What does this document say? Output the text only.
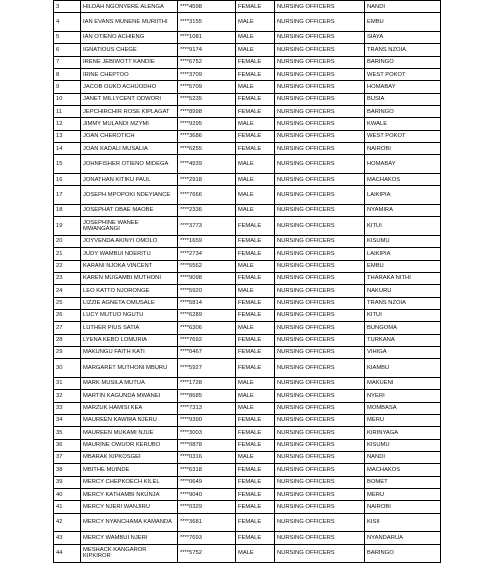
3	HILDAH NGONYERE ALENGA	****4598	FEMALE	NURSING OFFICERS	NANDI
4	IAN EVANS MUNENE MURIITHI	****3155	MALE	NURSING OFFICERS	EMBU
5	IAN OTIENO ACHIENG	****1081	MALE	NURSING OFFICERS	SIAYA
6	IGNATIOUS CHEGE	****9174	MALE	NURSING OFFICERS	TRANS NZOIA
7	IRENE JEBIWOTT KANDIE	****6752	FEMALE	NURSING OFFICERS	BARINGO
8	IRINE CHEPTOO	****3709	FEMALE	NURSING OFFICERS	WEST POKOT
9	JACOB OUKO ACHUODHO	****5709	MALE	NURSING OFFICERS	HOMABAY
10	JANET MILLYCENT ODWORI	****5235	FEMALE	NURSING OFFICERS	BUSIA
11	JEPCHIRCHIR ROSE KIPLAGAT	****8998	FEMALE	NURSING OFFICERS	BARINGO
12	JIMMY MULANDI MZYMI	****9295	MALE	NURSING OFFICERS	KWALE
13	JOAN CHEROTICH	****3686	FEMALE	NURSING OFFICERS	WEST POKOT
14	JOAN KADALI MUSALIA	****6255	FEMALE	NURSING OFFICERS	NAIROBI
15	JOHNFISHER OTIENO MIDEGA	****4939	MALE	NURSING OFFICERS	HOMABAY
16	JONATHAN KITIKU PAUL	****2918	MALE	NURSING OFFICERS	MACHAKOS
17	JOSEPH MPOPOKI NDEYIANCE	****7666	MALE	NURSING OFFICERS	LAIKIPIA
18	JOSEPHAT OBAE MAOBE	****2336	MALE	NURSING OFFICERS	NYAMIRA
19	JOSEPHINE WANEE MWANGANGI	****3773	FEMALE	NURSING OFFICERS	KITUI
20	JOYVENDA AKINYI OMOLO	****1659	FEMALE	NURSING OFFICERS	KISUMU
21	JUDY WAMBUI NDERITU	****2734	FEMALE	NURSING OFFICERS	LAIKIPIA
22	KARANI NJOKA VINCENT	****5562	MALE	NURSING OFFICERS	EMBU
23	KAREN MUGAMBI MUTHONI	****9098	FEMALE	NURSING OFFICERS	THARAKA NITHI
24	LEO KATTO NJORONGE	****5920	MALE	NURSING OFFICERS	NAKURU
25	LIZZIE AGNETA OMUSALE	****5814	FEMALE	NURSING OFFICERS	TRANS NZOIA
26	LUCY MUTUO NGUTU	****6289	FEMALE	NURSING OFFICERS	KITUI
27	LUTHER PIUS SATIA	****6306	MALE	NURSING OFFICERS	BUNGOMA
28	LYENA KEBO LOMURIA	****7692	FEMALE	NURSING OFFICERS	TURKANA
29	MAKUNGU FAITH KATI	****0467	FEMALE	NURSING OFFICERS	VIHIGA
30	MARGARET MUTHONI MBURU	****5927	FEMALE	NURSING OFFICERS	KIAMBU
31	MARK MUSILA MUTUA	****1728	MALE	NURSING OFFICERS	MAKUENI
32	MARTIN KAGUNDA MWANEI	****8685	MALE	NURSING OFFICERS	NYERI
33	MARZUK HAMISI KEA	****7313	MALE	NURSING OFFICERS	MOMBASA
34	MAUREEN KAWIRA NJERU	****9390	FEMALE	NURSING OFFICERS	MERU
35	MAUREEN MUKAMI NJUE	****3003	FEMALE	NURSING OFFICERS	KIRINYAGA
36	MAURINE OWUOR KERUBO	****0878	FEMALE	NURSING OFFICERS	KISUMU
37	MBARAK KIPKOSGEI	****0316	MALE	NURSING OFFICERS	NANDI
38	MBITHE MUINDE	****6318	FEMALE	NURSING OFFICERS	MACHAKOS
39	MERCY CHEPKOECH KILEL	****0649	FEMALE	NURSING OFFICERS	BOMET
40	MERCY KATHAMBI NKUNJA	****9040	FEMALE	NURSING OFFICERS	MERU
41	MERCY NJERI WANJIRU	****0329	FEMALE	NURSING OFFICERS	NAIROBI
42	MERCY NYANCHAMA KAMANDA	****3681	FEMALE	NURSING OFFICERS	KISII
43	MERCY WAMBUI NJERI	****7693	FEMALE	NURSING OFFICERS	NYANDARUA
44	MESHACK KANGAROR KIPKIROR	****5752	MALE	NURSING OFFICERS	BARINGO
